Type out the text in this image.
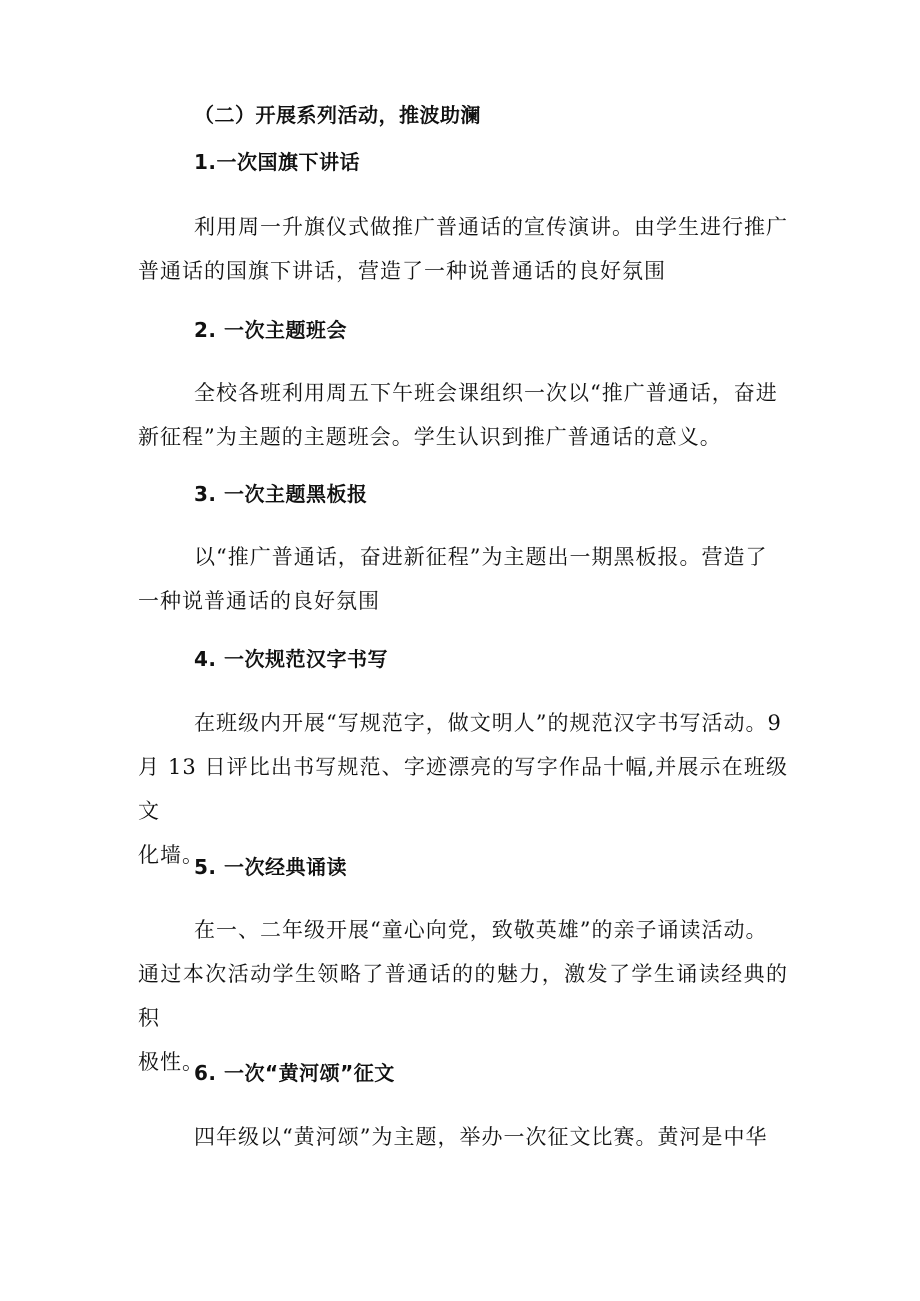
（二）开展系列活动，推波助澜
1.一次国旗下讲话
利用周一升旗仪式做推广普通话的宣传演讲。由学生进行推广
普通话的国旗下讲话，营造了一种说普通话的良好氛围
2. 一次主题班会
全校各班利用周五下午班会课组织一次以“推广普通话，奋进
新征程”为主题的主题班会。学生认识到推广普通话的意义。
3. 一次主题黑板报
以“推广普通话，奋进新征程”为主题出一期黑板报。营造了
一种说普通话的良好氛围
4. 一次规范汉字书写
在班级内开展“写规范字，做文明人”的规范汉字书写活动。9
月 13 日评比出书写规范、字迹漂亮的写字作品十幅,并展示在班级文
化墙。
5. 一次经典诵读
在一、二年级开展“童心向党，致敬英雄”的亲子诵读活动。
通过本次活动学生领略了普通话的的魅力，激发了学生诵读经典的积
极性。
6. 一次“黄河颂”征文
四年级以“黄河颂”为主题，举办一次征文比赛。黄河是中华
